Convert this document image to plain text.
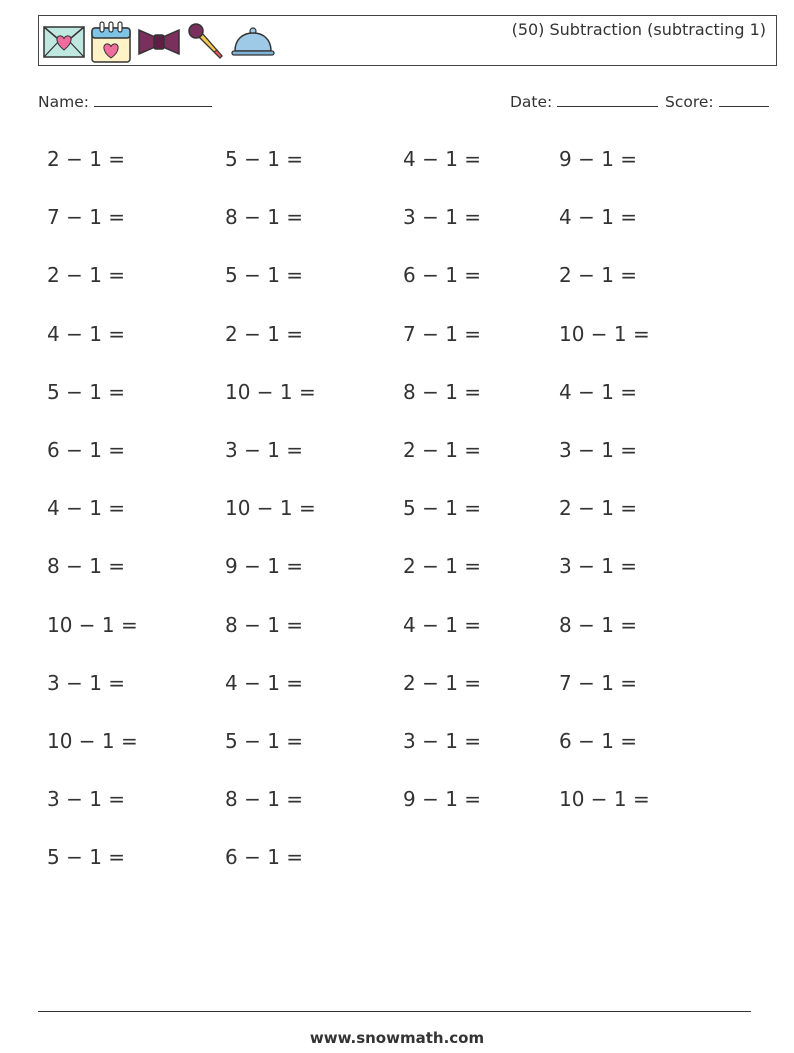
(50) Subtraction (subtracting 1)
Name:	Date:	Score:
2 − 1 =	5 − 1 =	4 − 1 =	9 − 1 =
7 − 1 =	8 − 1 =	3 − 1 =	4 − 1 =
2 − 1 =	5 − 1 =	6 − 1 =	2 − 1 =
4 − 1 =	2 − 1 =	7 − 1 =	10 − 1 =
5 − 1 =	10 − 1 =	8 − 1 =	4 − 1 =
6 − 1 =	3 − 1 =	2 − 1 =	3 − 1 =
4 − 1 =	10 − 1 =	5 − 1 =	2 − 1 =
8 − 1 =	9 − 1 =	2 − 1 =	3 − 1 =
10 − 1 =	8 − 1 =	4 − 1 =	8 − 1 =
3 − 1 =	4 − 1 =	2 − 1 =	7 − 1 =
10 − 1 =	5 − 1 =	3 − 1 =	6 − 1 =
3 − 1 =	8 − 1 =	9 − 1 =	10 − 1 =
5 − 1 =	6 − 1 =
www.snowmath.com
